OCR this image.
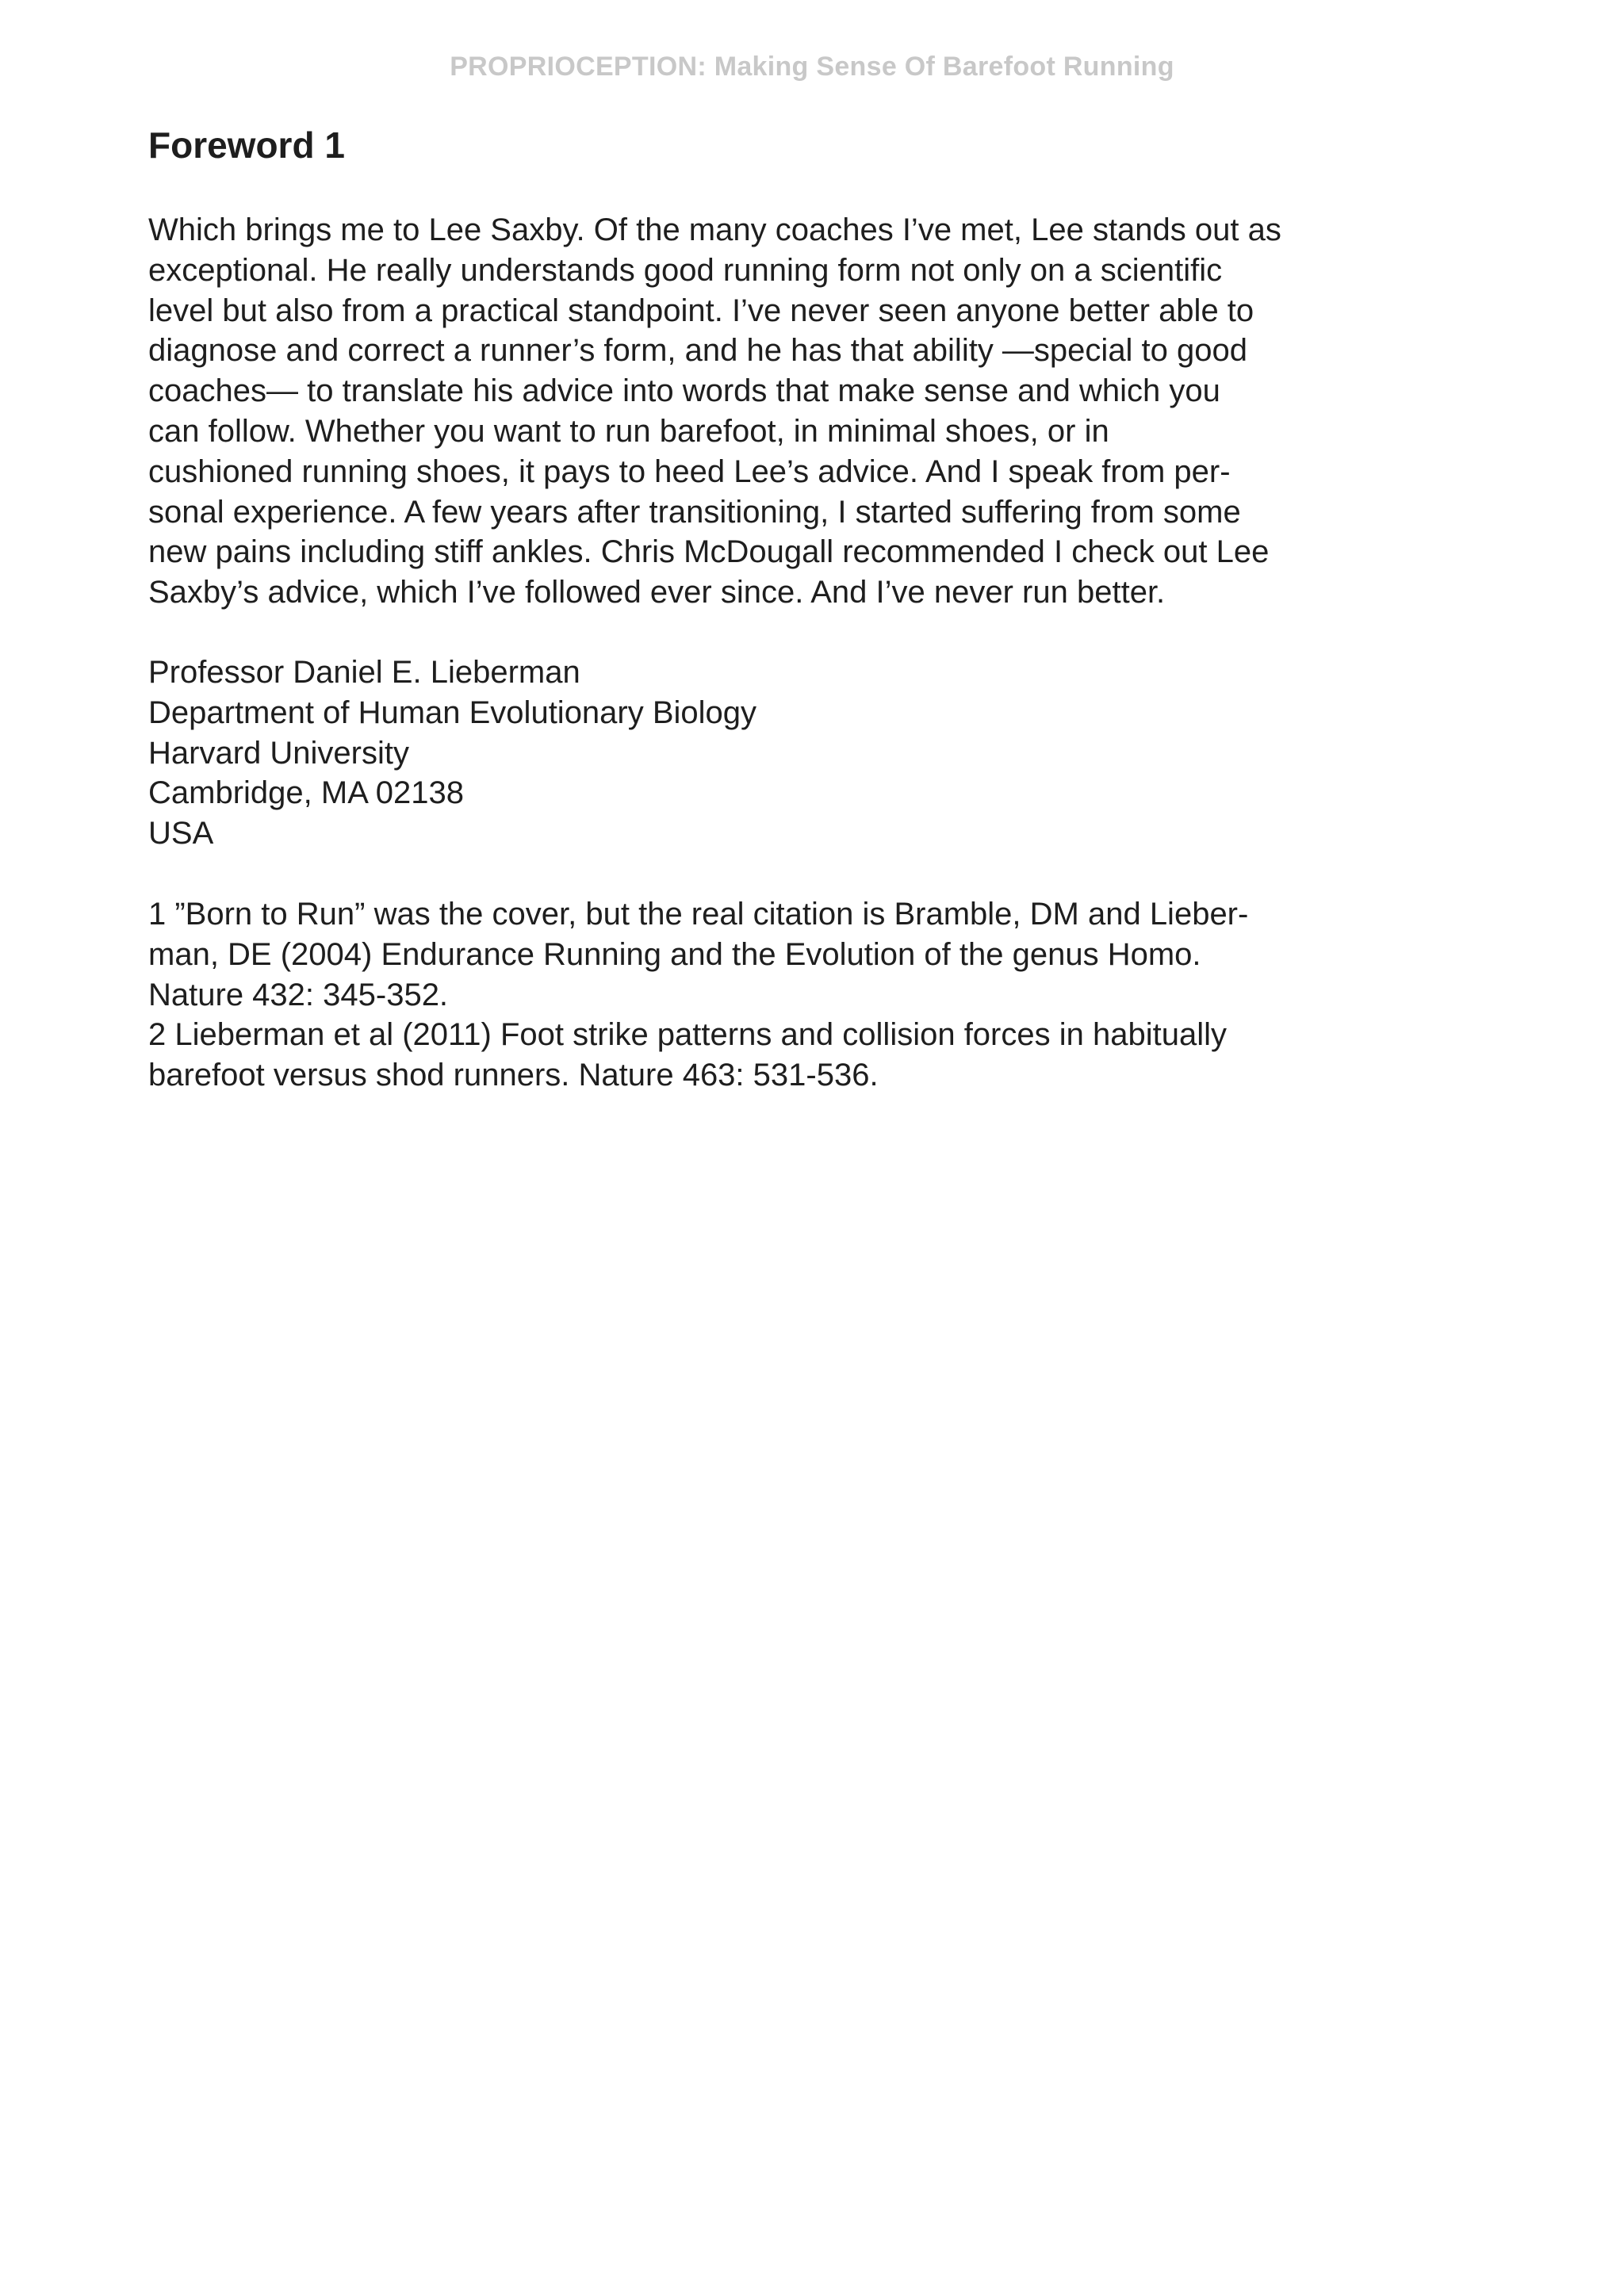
PROPRIOCEPTION: Making Sense Of Barefoot Running
Foreword 1
Which brings me to Lee Saxby. Of the many coaches I’ve met, Lee stands out as
exceptional. He really understands good running form not only on a scientific
level but also from a practical standpoint. I’ve never seen anyone better able to
diagnose and correct a runner’s form, and he has that ability —special to good
coaches— to translate his advice into words that make sense and which you
can follow. Whether you want to run barefoot, in minimal shoes, or in
cushioned running shoes, it pays to heed Lee’s advice. And I speak from per-
sonal experience. A few years after transitioning, I started suffering from some
new pains including stiff ankles. Chris McDougall recommended I check out Lee
Saxby’s advice, which I’ve followed ever since. And I’ve never run better.
Professor Daniel E. Lieberman
Department of Human Evolutionary Biology
Harvard University
Cambridge, MA 02138
USA
1 ”Born to Run” was the cover, but the real citation is Bramble, DM and Lieber-
man, DE (2004) Endurance Running and the Evolution of the genus Homo.
Nature 432: 345-352.
2 Lieberman et al (2011) Foot strike patterns and collision forces in habitually
barefoot versus shod runners. Nature 463: 531-536.
